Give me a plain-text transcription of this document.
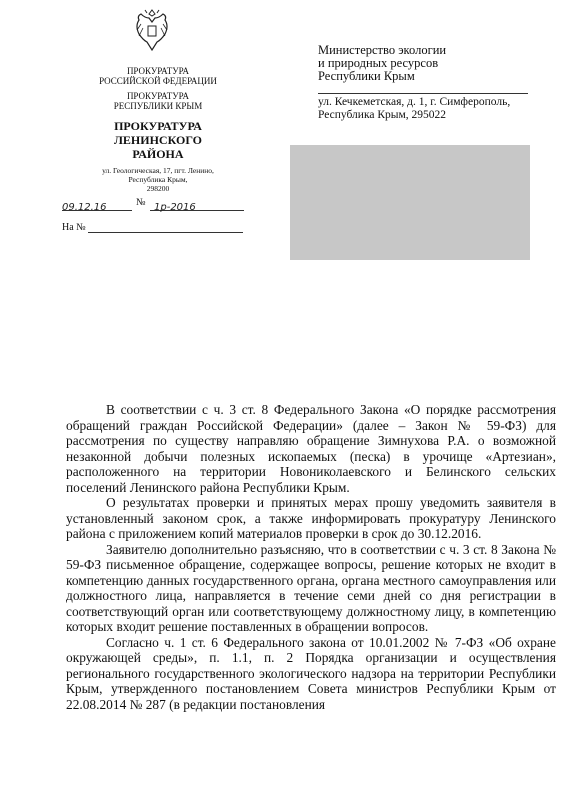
ПРОКУРАТУРА
РОССИЙСКОЙ ФЕДЕРАЦИИ
ПРОКУРАТУРА
РЕСПУБЛИКИ КРЫМ
ПРОКУРАТУРА
ЛЕНИНСКОГО
РАЙОНА
ул. Геологическая, 17, пгт. Ленино,
Республика Крым,
298200
09.12.16	№ 1р-2016
На №
Министерство экологии
и природных ресурсов
Республики Крым
ул. Кечкеметская, д. 1, г. Симферополь,
Республика Крым, 295022

В соответствии с ч. 3 ст. 8 Федерального Закона «О порядке рассмотрения обращений граждан Российской Федерации» (далее – Закон № 59-ФЗ) для рассмотрения по существу направляю обращение Зимнухова Р.А. о возможной незаконной добычи полезных ископаемых (песка) в урочище «Артезиан», расположенного на территории Новониколаевского и Белинского сельских поселений Ленинского района Республики Крым.

О результатах проверки и принятых мерах прошу уведомить заявителя в установленный законом срок, а также информировать прокуратуру Ленинского района с приложением копий материалов проверки в срок до 30.12.2016.

Заявителю дополнительно разъясняю, что в соответствии с ч. 3 ст. 8 Закона № 59-ФЗ письменное обращение, содержащее вопросы, решение которых не входит в компетенцию данных государственного органа, органа местного самоуправления или должностного лица, направляется в течение семи дней со дня регистрации в соответствующий орган или соответствующему должностному лицу, в компетенцию которых входит решение поставленных в обращении вопросов.

Согласно ч. 1 ст. 6 Федерального закона от 10.01.2002 № 7-ФЗ «Об охране окружающей среды», п. 1.1, п. 2 Порядка организации и осуществления регионального государственного экологического надзора на территории Республики Крым, утвержденного постановлением Совета министров Республики Крым от 22.08.2014 № 287 (в редакции постановления
